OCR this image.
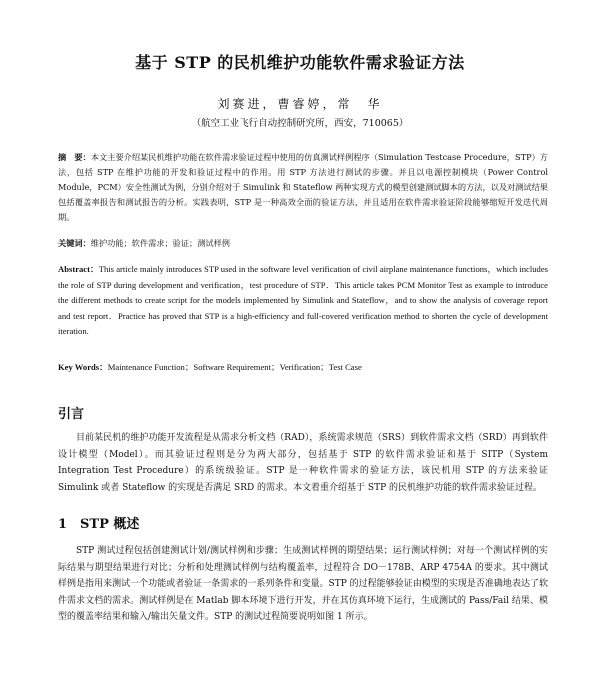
基于 STP 的民机维护功能软件需求验证方法
刘赛进，曹睿婷，常　华
（航空工业飞行自动控制研究所，西安，710065）
摘　要：本文主要介绍某民机维护功能在软件需求验证过程中使用的仿真测试样例程序（Simulation Testcase Procedure，STP）方法，包括 STP 在维护功能的开发和验证过程中的作用。用 STP 方法进行测试的步骤。并且以电源控制模块（Power Control Module，PCM）安全性测试为例，分别介绍对于 Simulink 和 Stateflow 两种实现方式的模型创建测试脚本的方法，以及对测试结果包括覆盖率报告和测试报告的分析。实践表明，STP 是一种高效全面的验证方法，并且适用在软件需求验证阶段能够缩短开发迭代周期。
关键词：维护功能；软件需求；验证；测试样例
Abstract：This article mainly introduces STP used in the software level verification of civil airplane maintenance functions，which includes the role of STP during development and verification，test procedure of STP．This article takes PCM Monitor Test as example to introduce the different methods to create script for the models implemented by Simulink and Stateflow，and to show the analysis of coverage report and test report．Practice has proved that STP is a high-efficiency and full-covered verification method to shorten the cycle of development iteration.
Key Words：Maintenance Function；Software Requirement；Verification；Test Case
引言
目前某民机的维护功能开发流程是从需求分析文档（RAD），系统需求规范（SRS）到软件需求文档（SRD）再到软件设计模型（Model）。而其验证过程则是分为两大部分，包括基于 STP 的软件需求验证和基于 SITP（System Integration Test Procedure）的系统级验证。STP 是一种软件需求的验证方法，该民机用 STP 的方法来验证 Simulink 或者 Stateflow 的实现是否满足 SRD 的需求。本文着重介绍基于 STP 的民机维护功能的软件需求验证过程。
1　STP 概述
STP 测试过程包括创建测试计划/测试样例和步骤；生成测试样例的期望结果；运行测试样例；对每一个测试样例的实际结果与期望结果进行对比；分析和处理测试样例与结构覆盖率，过程符合 DO－178B、ARP 4754A 的要求。其中测试样例是指用来测试一个功能或者验证一条需求的一系列条件和变量。STP 的过程能够验证由模型的实现是否准确地表达了软件需求文档的需求。测试样例是在 Matlab 脚本环境下进行开发，并在其仿真环境下运行，生成测试的 Pass/Fail 结果、模型的覆盖率结果和输入/输出矢量文件。STP 的测试过程简要说明如图 1 所示。
